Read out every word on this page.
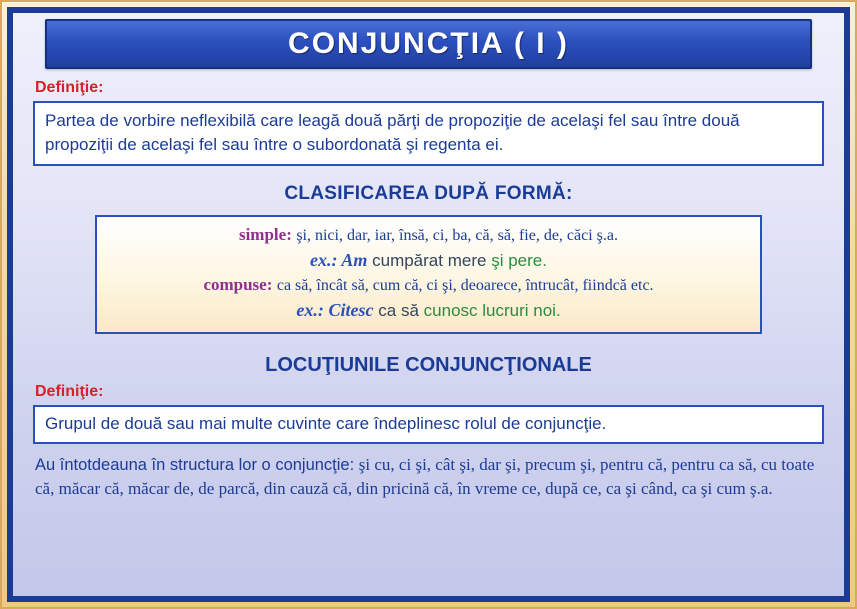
CONJUNCŢIA ( I )
Definiţie:

Partea de vorbire neflexibilă care leagă două părţi de propoziţie de acelaşi fel sau între două propoziţii de acelaşi fel sau între o subordonată şi regenta ei.

CLASIFICAREA DUPĂ FORMĂ:
simple: şi, nici, dar, iar, însă, ci, ba, că, să, fie, de, căci ş.a.
ex.: Am cumpărat mere şi pere.
compuse: ca să, încât să, cum că, ci şi, deoarece, întrucât, fiindcă etc.
ex.: Citesc ca să cunosc lucruri noi.
LOCUŢIUNILE CONJUNCŢIONALE
Definiţie:

Grupul de două sau mai multe cuvinte care îndeplinesc rolul de conjuncţie.

Au întotdeauna în structura lor o conjuncţie: şi cu, ci şi, cât şi, dar şi, precum şi, pentru că, pentru ca să, cu toate că, măcar că, măcar de, de parcă, din cauză că, din pricină că, în vreme ce, după ce, ca şi când, ca şi cum ş.a.
